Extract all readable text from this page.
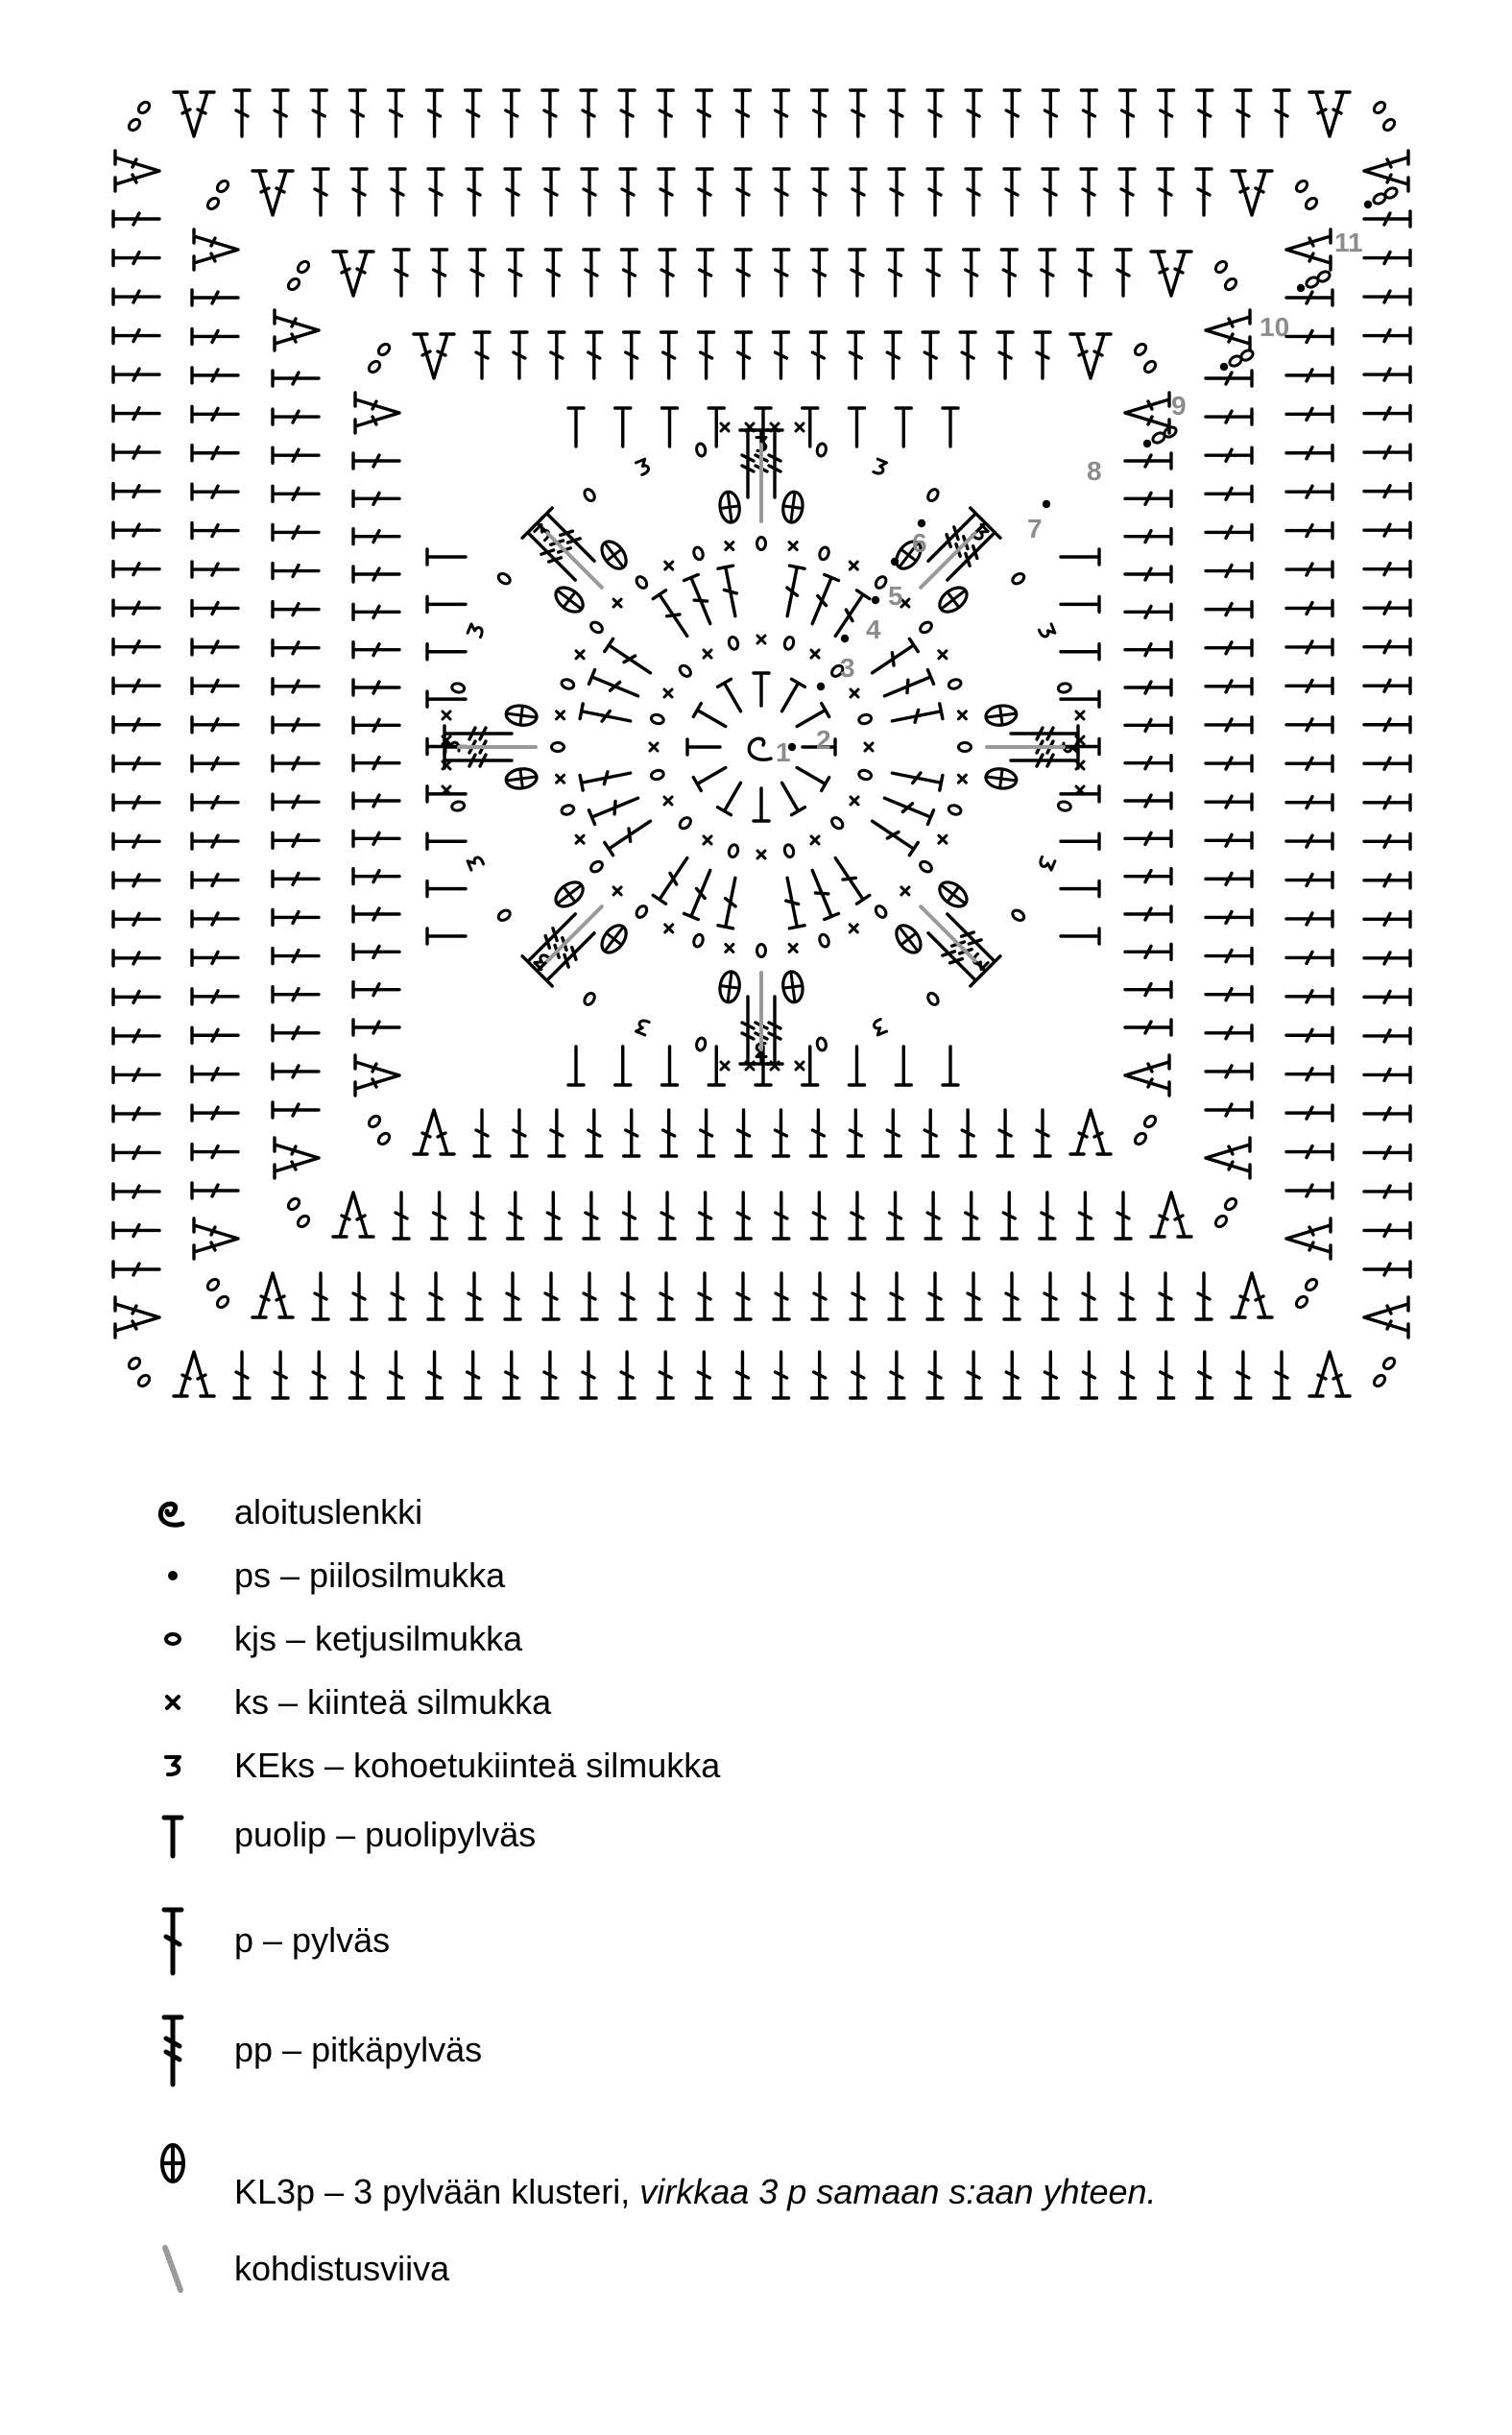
1 2
3
4
5
6	7
8
9
10
11
aloituslenkki
ps – piilosilmukka
kjs – ketjusilmukka
ks – kiinteä silmukka
KEks – kohoetukiinteä silmukka
puolip – puolipylväs
p – pylväs
pp – pitkäpylväs
KL3p – 3 pylvään klusteri, virkkaa 3 p samaan s:aan yhteen.
kohdistusviiva
